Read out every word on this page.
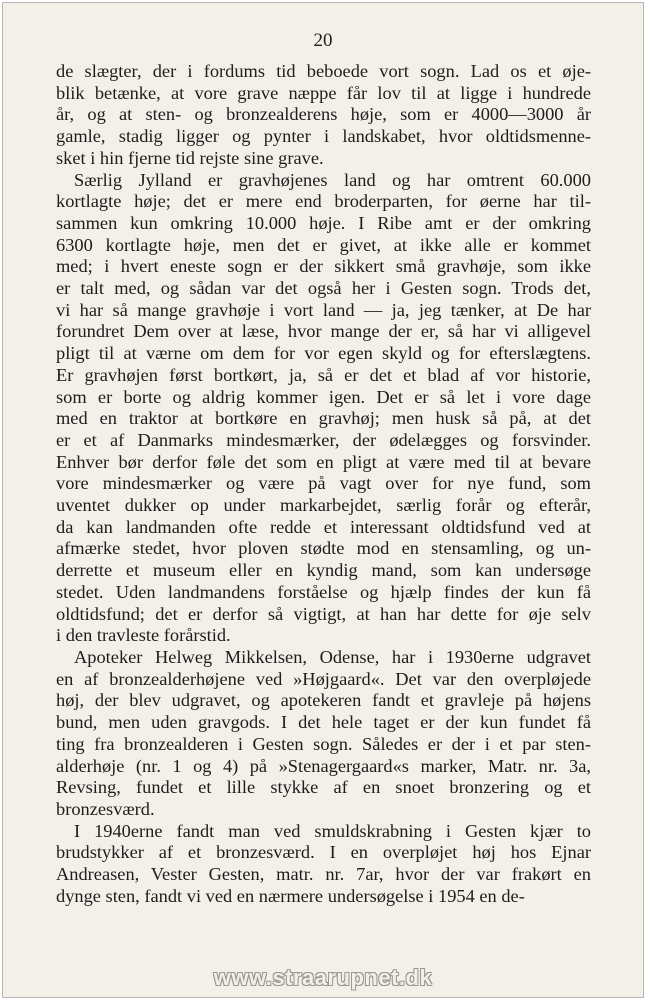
20
de slægter, der i fordums tid beboede vort sogn. Lad os et øje-
blik betænke, at vore grave næppe får lov til at ligge i hundrede
år, og at sten- og bronzealderens høje, som er 4000—3000 år
gamle, stadig ligger og pynter i landskabet, hvor oldtidsmenne-
sket i hin fjerne tid rejste sine grave.
Særlig Jylland er gravhøjenes land og har omtrent 60.000
kortlagte høje; det er mere end broderparten, for øerne har til-
sammen kun omkring 10.000 høje. I Ribe amt er der omkring
6300 kortlagte høje, men det er givet, at ikke alle er kommet
med; i hvert eneste sogn er der sikkert små gravhøje, som ikke
er talt med, og sådan var det også her i Gesten sogn. Trods det,
vi har så mange gravhøje i vort land — ja, jeg tænker, at De har
forundret Dem over at læse, hvor mange der er, så har vi alligevel
pligt til at værne om dem for vor egen skyld og for efterslægtens.
Er gravhøjen først bortkørt, ja, så er det et blad af vor historie,
som er borte og aldrig kommer igen. Det er så let i vore dage
med en traktor at bortkøre en gravhøj; men husk så på, at det
er et af Danmarks mindesmærker, der ødelægges og forsvinder.
Enhver bør derfor føle det som en pligt at være med til at bevare
vore mindesmærker og være på vagt over for nye fund, som
uventet dukker op under markarbejdet, særlig forår og efterår,
da kan landmanden ofte redde et interessant oldtidsfund ved at
afmærke stedet, hvor ploven stødte mod en stensamling, og un-
derrette et museum eller en kyndig mand, som kan undersøge
stedet. Uden landmandens forståelse og hjælp findes der kun få
oldtidsfund; det er derfor så vigtigt, at han har dette for øje selv
i den travleste forårstid.
Apoteker Helweg Mikkelsen, Odense, har i 1930erne udgravet
en af bronzealderhøjene ved »Højgaard«. Det var den overpløjede
høj, der blev udgravet, og apotekeren fandt et gravleje på højens
bund, men uden gravgods. I det hele taget er der kun fundet få
ting fra bronzealderen i Gesten sogn. Således er der i et par sten-
alderhøje (nr. 1 og 4) på »Stenagergaard«s marker, Matr. nr. 3a,
Revsing, fundet et lille stykke af en snoet bronzering og et
bronzesværd.
I 1940erne fandt man ved smuldskrabning i Gesten kjær to
brudstykker af et bronzesværd. I en overpløjet høj hos Ejnar
Andreasen, Vester Gesten, matr. nr. 7ar, hvor der var frakørt en
dynge sten, fandt vi ved en nærmere undersøgelse i 1954 en de-
www.straarupnet.dk
